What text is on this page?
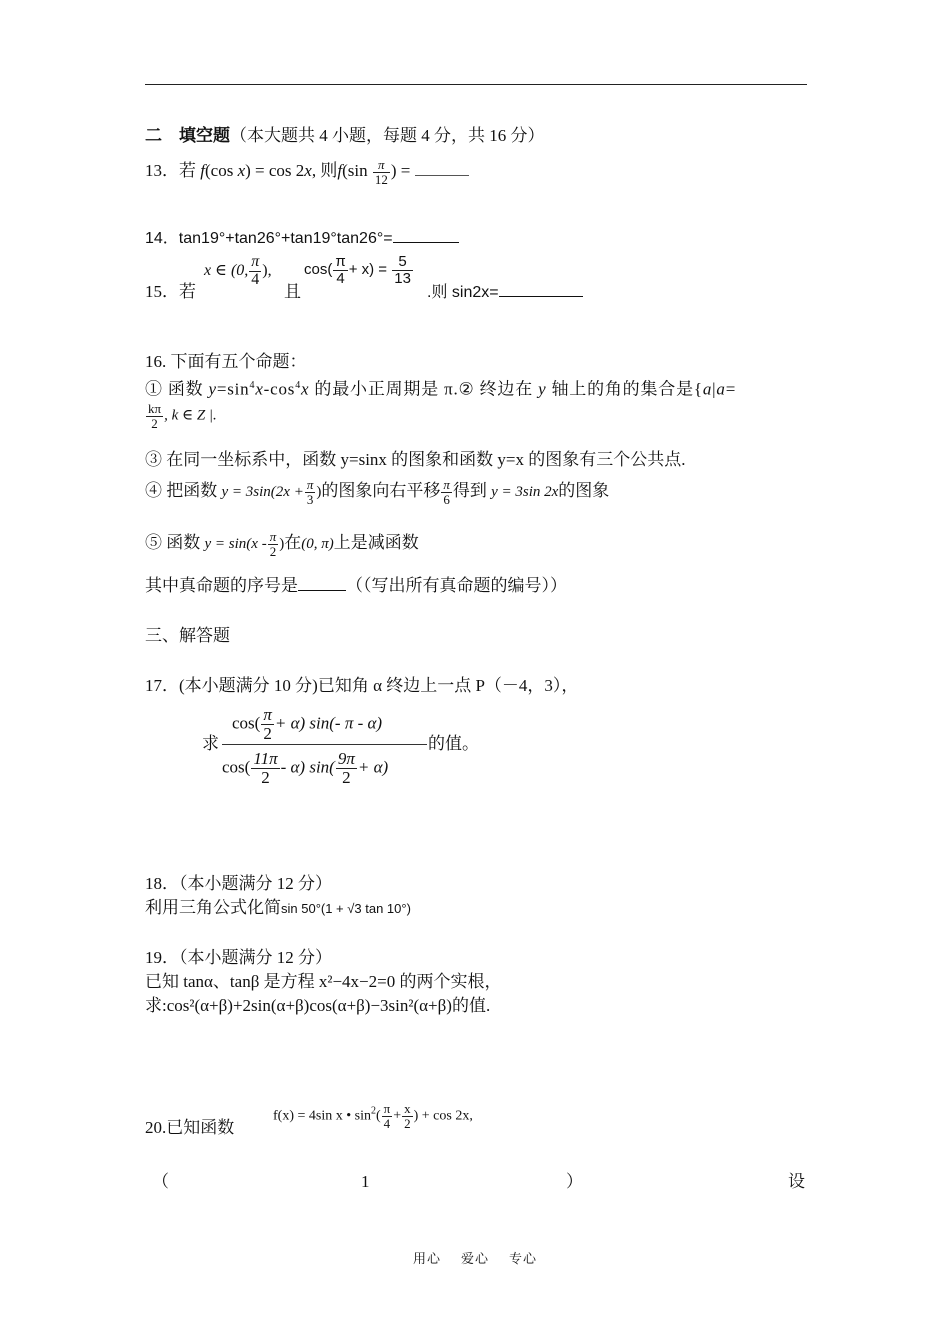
二　填空题（本大题共 4 小题，每题 4 分，共 16 分）
13．若 f(cos x) = cos 2x, 则$f(\sin \frac{\pi}{12}$ ) =
14．tan19°+tan26°+tan19°tan26°=
15．若
x ∈ (0, $\frac{\pi}{4}$ ),
且
$\cos( \frac{\pi}{4} + x) = \frac{5}{13}$
.则 sin2x=
16. 下面有五个命题：
① 函数 $y=\sin^4x-\cos^4x$ 的最小正周期是 π.② 终边在 y 轴上的角的集合是{a|a=
$\frac{k\pi}{2}$ , k ∈ Z |.
③ 在同一坐标系中，函数 y=sinx 的图象和函数 y=x 的图象有三个公共点.
④ 把函数 $y = 3\sin(2x + \frac{\pi}{3}$ )的图象向右平移 $\frac{\pi}{6}$ 得到 y = 3sin 2x的图象
⑤ 函数 $y = \sin(x - \frac{\pi}{2}$ )在(0, π)上是减函数
其中真命题的序号是	（（写出所有真命题的编号））
三、解答题
17．(本小题满分 10 分)已知角 α 终边上一点 P（－4，3），
求
$\cos( \frac{\pi}{2} + \alpha)$ sin(- π - α)
$\cos( \frac{11\pi}{2} - \alpha)$ $\sin( \frac{9\pi}{2} + \alpha)$
的值。
18．（本小题满分 12 分）
利用三角公式化简sin 50°(1 + √3 tan 10°)
19．（本小题满分 12 分）
已知 tanα、tanβ 是方程 x²−4x−2=0 的两个实根，
求:cos²(α+β)+2sin(α+β)cos(α+β)−3sin²(α+β)的值.
20.已知函数
f(x) = 4sin x • $\sin^2( \frac{\pi}{4} + \frac{x}{2}$ ) + cos 2x,
（	1	）	设
用心 爱心 专心
